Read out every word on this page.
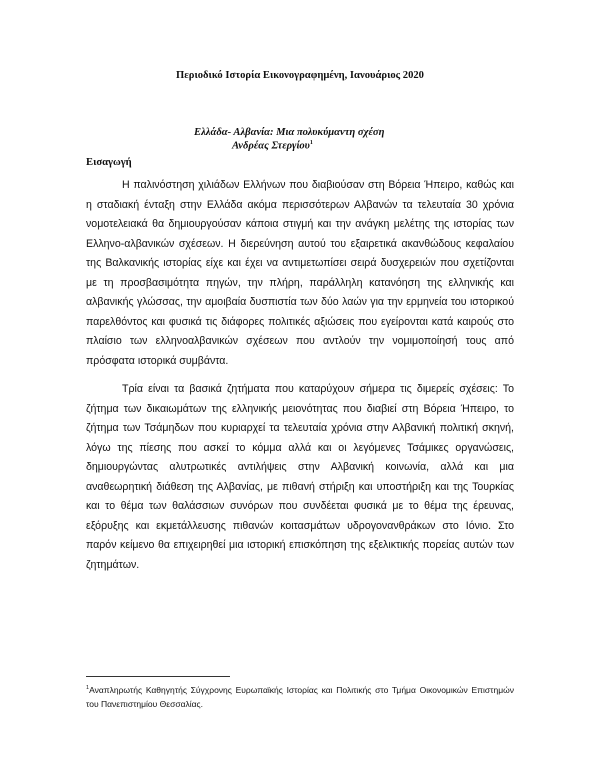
Περιοδικό Ιστορία Εικονογραφημένη, Ιανουάριος 2020
Ελλάδα- Αλβανία: Μια πολυκύμαντη σχέση
Ανδρέας Στεργίου$^1$
Εισαγωγή

Η παλινόστηση χιλιάδων Ελλήνων που διαβιούσαν στη Βόρεια Ήπειρο, καθώς και η σταδιακή ένταξη στην Ελλάδα ακόμα περισσότερων Αλβανών τα τελευταία 30 χρόνια νομοτελειακά θα δημιουργούσαν κάποια στιγμή και την ανάγκη μελέτης της ιστορίας των Ελληνο-αλβανικών σχέσεων. Η διερεύνηση αυτού του εξαιρετικά ακανθώδους κεφαλαίου της Βαλκανικής ιστορίας είχε και έχει να αντιμετωπίσει σειρά δυσχερειών που σχετίζονται με τη προσβασιμότητα πηγών, την πλήρη, παράλληλη κατανόηση της ελληνικής και αλβανικής γλώσσας, την αμοιβαία δυσπιστία των δύο λαών για την ερμηνεία του ιστορικού παρελθόντος και φυσικά τις διάφορες πολιτικές αξιώσεις που εγείρονται κατά καιρούς στο πλαίσιο των ελληνοαλβανικών σχέσεων που αντλούν την νομιμοποίησή τους από πρόσφατα ιστορικά συμβάντα.

Τρία είναι τα βασικά ζητήματα που καταρύχουν σήμερα τις διμερείς σχέσεις: Το ζήτημα των δικαιωμάτων της ελληνικής μειονότητας που διαβιεί στη Βόρεια Ήπειρο, το ζήτημα των Τσάμηδων που κυριαρχεί τα τελευταία χρόνια στην Αλβανική πολιτική σκηνή, λόγω της πίεσης που ασκεί το κόμμα αλλά και οι λεγόμενες Τσάμικες οργανώσεις, δημιουργώντας αλυτρωτικές αντιλήψεις στην Αλβανική κοινωνία, αλλά και μια αναθεωρητική διάθεση της Αλβανίας, με πιθανή στήριξη και υποστήριξη και της Τουρκίας και το θέμα των θαλάσσιων συνόρων που συνδέεται φυσικά με το θέμα της έρευνας, εξόρυξης και εκμετάλλευσης πιθανών κοιτασμάτων υδρογονανθράκων στο Ιόνιο. Στο παρόν κείμενο θα επιχειρηθεί μια ιστορική επισκόπηση της εξελικτικής πορείας αυτών των ζητημάτων.

$^1$Αναπληρωτής Καθηγητής Σύγχρονης Ευρωπαϊκής Ιστορίας και Πολιτικής στο Τμήμα Οικονομικών Επιστημών του Πανεπιστημίου Θεσσαλίας.
